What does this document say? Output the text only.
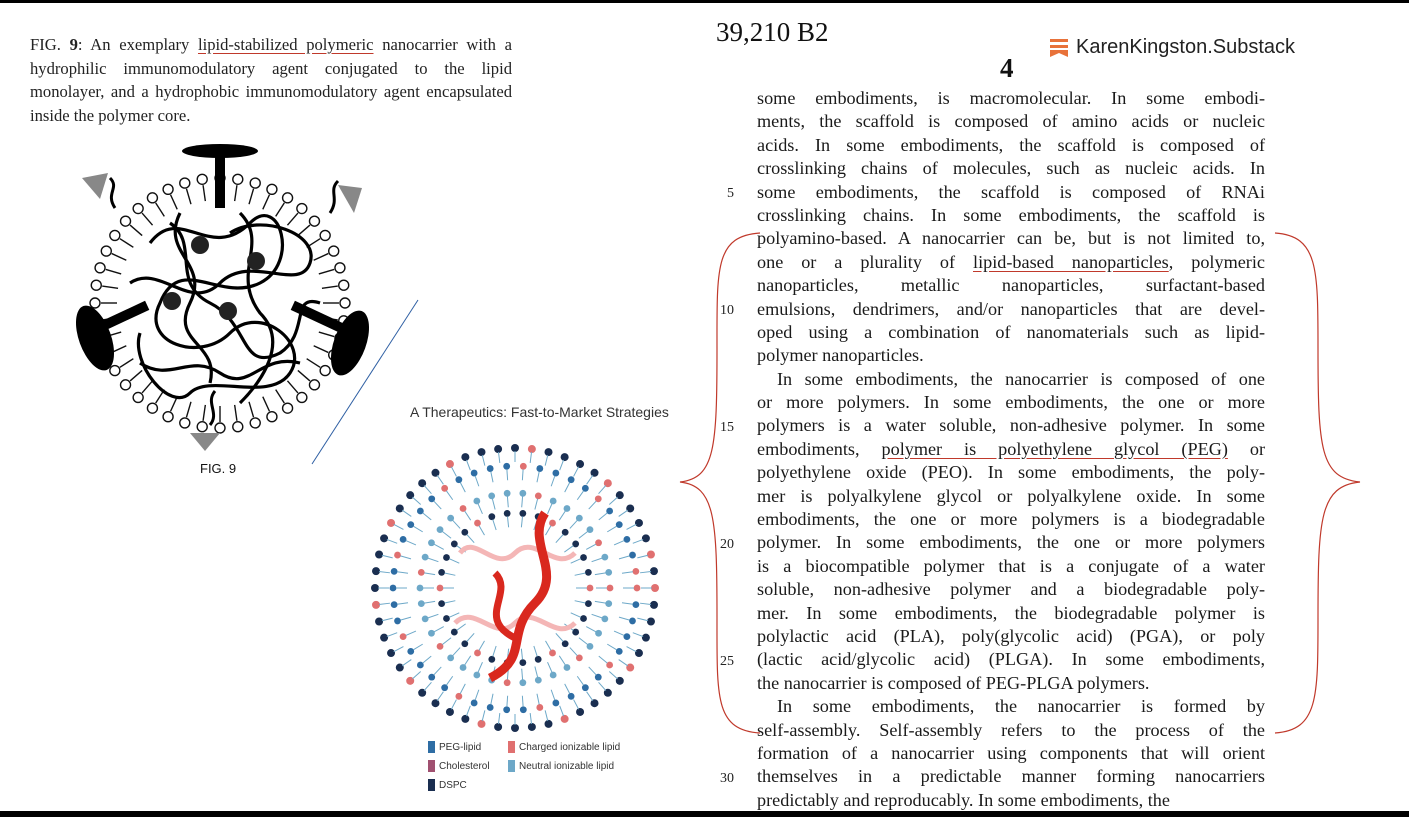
FIG. 9: An exemplary lipid-stabilized polymeric nanocarrier with a hydrophilic immunomodulatory agent conjugated to the lipid monolayer, and a hydrophobic immunomodulatory agent encapsulated inside the polymer core.
FIG. 9
A Therapeutics: Fast-to-Market Strategies
PEG-lipid
Cholesterol
DSPC
Charged ionizable lipid
Neutral ionizable lipid
39,210 B2
4
KarenKingston.Substack
some embodiments, is macromolecular. In some embodi-
ments, the scaffold is composed of amino acids or nucleic
acids. In some embodiments, the scaffold is composed of
crosslinking chains of molecules, such as nucleic acids. In
some embodiments, the scaffold is composed of RNAi
crosslinking chains. In some embodiments, the scaffold is
polyamino-based. A nanocarrier can be, but is not limited to,
one or a plurality of lipid-based nanoparticles, polymeric
nanoparticles, metallic nanoparticles, surfactant-based
emulsions, dendrimers, and/or nanoparticles that are devel-
oped using a combination of nanomaterials such as lipid-
polymer nanoparticles.
In some embodiments, the nanocarrier is composed of one
or more polymers. In some embodiments, the one or more
polymers is a water soluble, non-adhesive polymer. In some
embodiments, polymer is polyethylene glycol (PEG) or
polyethylene oxide (PEO). In some embodiments, the poly-
mer is polyalkylene glycol or polyalkylene oxide. In some
embodiments, the one or more polymers is a biodegradable
polymer. In some embodiments, the one or more polymers
is a biocompatible polymer that is a conjugate of a water
soluble, non-adhesive polymer and a biodegradable poly-
mer. In some embodiments, the biodegradable polymer is
polylactic acid (PLA), poly(glycolic acid) (PGA), or poly
(lactic acid/glycolic acid) (PLGA). In some embodiments,
the nanocarrier is composed of PEG-PLGA polymers.
In some embodiments, the nanocarrier is formed by
self-assembly. Self-assembly refers to the process of the
formation of a nanocarrier using components that will orient
themselves in a predictable manner forming nanocarriers
predictably and reproducably. In some embodiments, the
5
10
15
20
25
30
